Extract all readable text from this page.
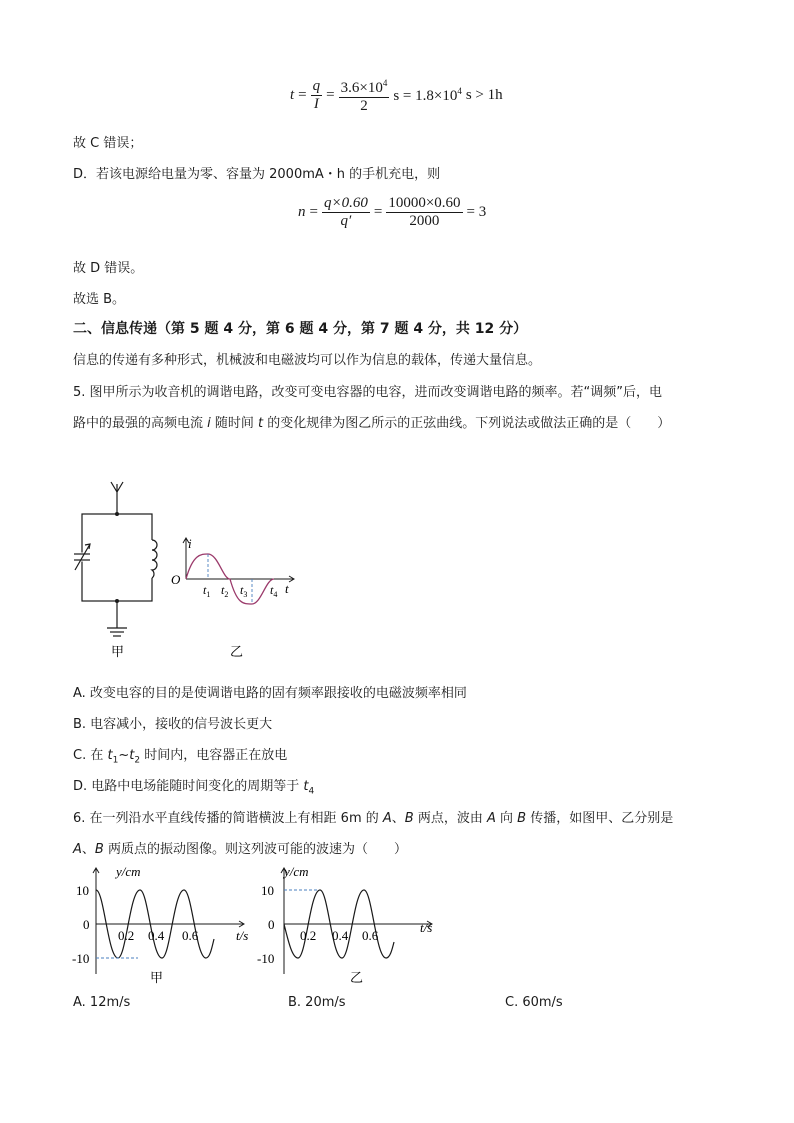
$t = \frac{q}{I} = \frac{3.6\times 10^4}{2}$ $s = 1.8\times 10^4$ s > 1h
故 C 错误；
D．若该电源给电量为零、容量为 2000mA・h 的手机充电，则
$n = \frac{q\times 0.60}{q'} = \frac{10000\times 0.60}{2000} = 3$
故 D 错误。
故选 B。
二、信息传递（第 5 题 4 分，第 6 题 4 分，第 7 题 4 分，共 12 分）
信息的传递有多种形式，机械波和电磁波均可以作为信息的载体，传递大量信息。
5. 图甲所示为收音机的调谐电路，改变可变电容器的电容，进而改变调谐电路的频率。若“调频”后，电
路中的最强的高频电流 i 随时间 t 的变化规律为图乙所示的正弦曲线。下列说法或做法正确的是（　　）
甲
i
O
t
$t_1$ $t_2$ $t_3$ $t_4$
乙
A. 改变电容的目的是使调谐电路的固有频率跟接收的电磁波频率相同
B. 电容减小，接收的信号波长更大
C. 在 $t_1\sim t_2$ 时间内，电容器正在放电
D. 电路中电场能随时间变化的周期等于 $t_4$
6. 在一列沿水平直线传播的简谐横波上有相距 6m 的 A、B 两点，波由 A 向 B 传播，如图甲、乙分别是
A、B 两质点的振动图像。则这列波可能的波速为（　　）
y/cm
t/s
10
0
-10
0.2 0.4 0.6
甲
y/cm
t/s
10
0
-10
0.2 0.4 0.6
乙
A. 12m/s	B. 20m/s	C. 60m/s
